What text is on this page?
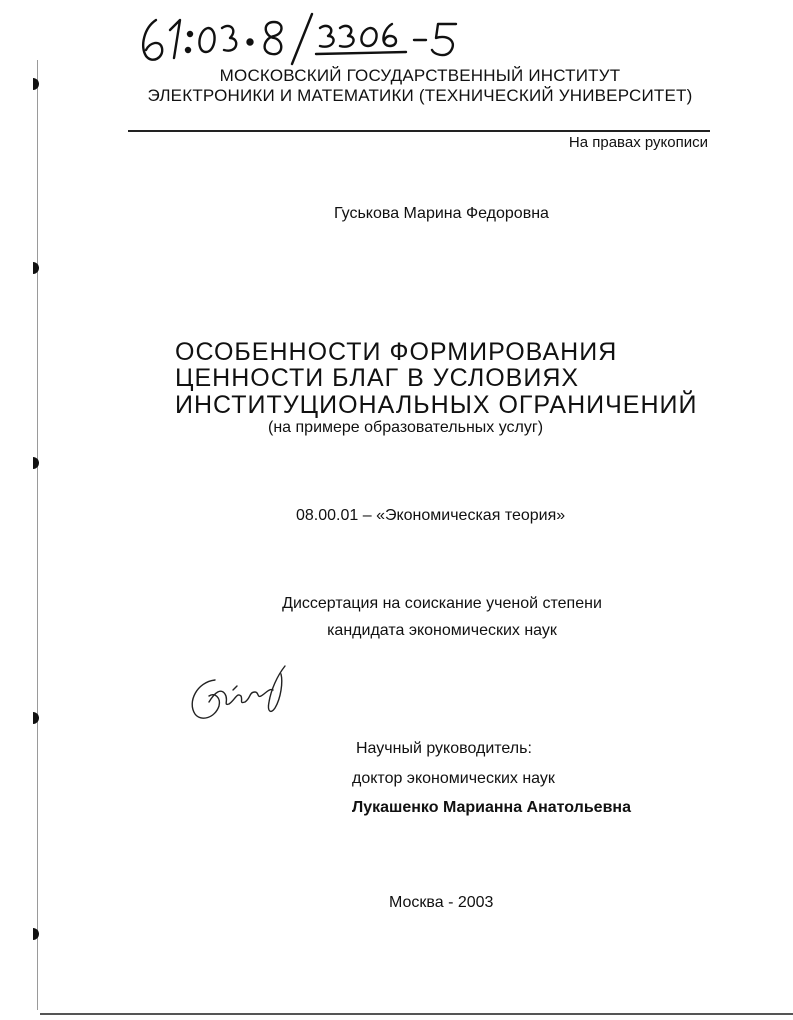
МОСКОВСКИЙ ГОСУДАРСТВЕННЫЙ ИНСТИТУТ
ЭЛЕКТРОНИКИ И МАТЕМАТИКИ (ТЕХНИЧЕСКИЙ УНИВЕРСИТЕТ)
На правах рукописи
Гуськова Марина Федоровна
ОСОБЕННОСТИ ФОРМИРОВАНИЯ
ЦЕННОСТИ БЛАГ В УСЛОВИЯХ
ИНСТИТУЦИОНАЛЬНЫХ ОГРАНИЧЕНИЙ
(на примере образовательных услуг)
08.00.01 – «Экономическая теория»
Диссертация на соискание ученой степени
кандидата экономических наук
Научный руководитель:
доктор экономических наук
Лукашенко Марианна Анатольевна
Москва - 2003
